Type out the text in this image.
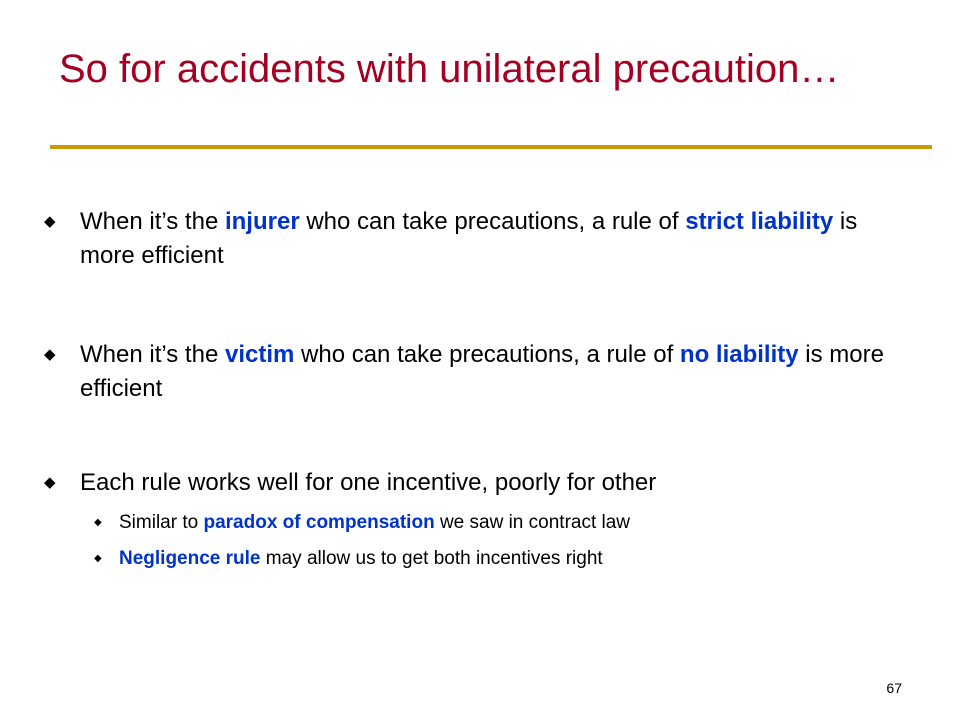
So for accidents with unilateral precaution…
◆ When it’s the injurer who can take precautions, a rule of strict liability is more efficient
◆ When it’s the victim who can take precautions, a rule of no liability is more efficient
◆ Each rule works well for one incentive, poorly for other
◆ Similar to paradox of compensation we saw in contract law
◆ Negligence rule may allow us to get both incentives right
67
